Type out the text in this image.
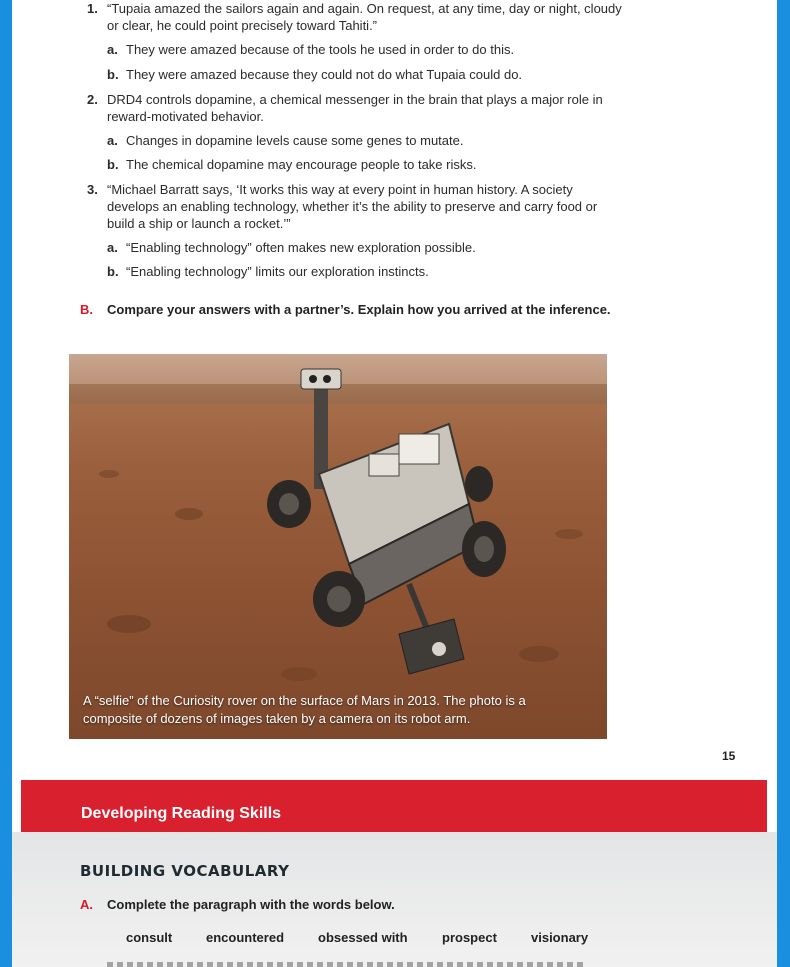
1. “Tupaia amazed the sailors again and again. On request, at any time, day or night, cloudy or clear, he could point precisely toward Tahiti.”
a. They were amazed because of the tools he used in order to do this.
b. They were amazed because they could not do what Tupaia could do.
2. DRD4 controls dopamine, a chemical messenger in the brain that plays a major role in reward-motivated behavior.
a. Changes in dopamine levels cause some genes to mutate.
b. The chemical dopamine may encourage people to take risks.
3. “Michael Barratt says, ‘It works this way at every point in human history. A society develops an enabling technology, whether it’s the ability to preserve and carry food or build a ship or launch a rocket.’”
a. “Enabling technology” often makes new exploration possible.
b. “Enabling technology” limits our exploration instincts.
B. Compare your answers with a partner’s. Explain how you arrived at the inference.
A “selfie” of the Curiosity rover on the surface of Mars in 2013. The photo is a composite of dozens of images taken by a camera on its robot arm.
15
Developing Reading Skills
BUILDING VOCABULARY
A. Complete the paragraph with the words below.
consult	encountered	obsessed with	prospect	visionary
